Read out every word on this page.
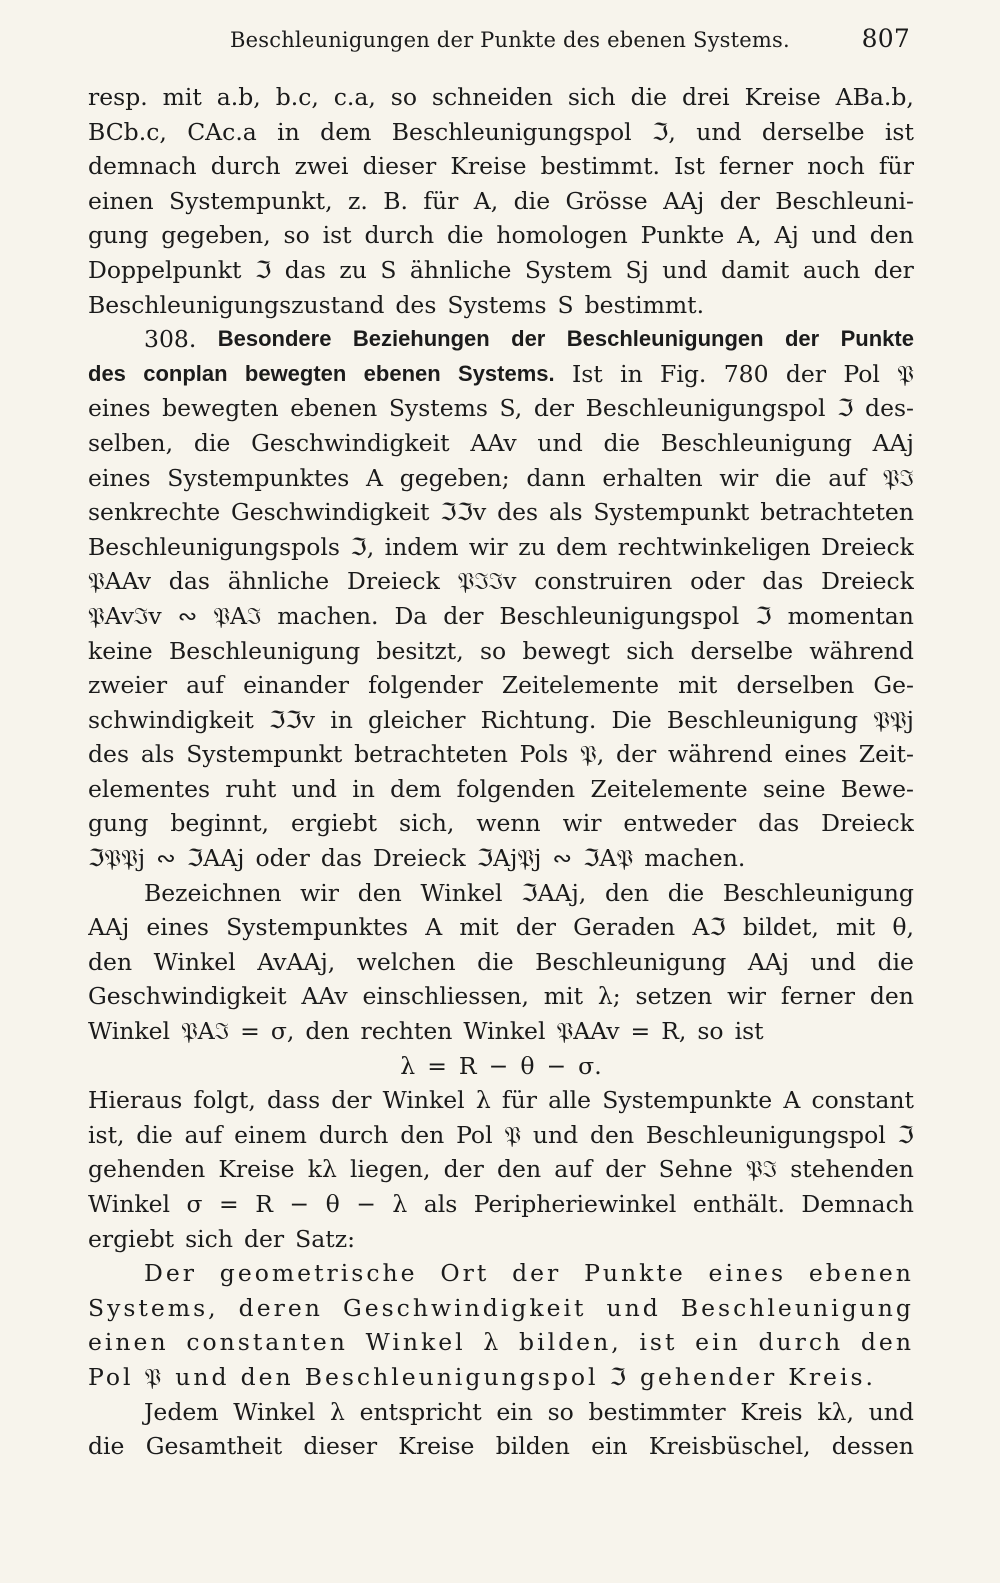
Beschleunigungen der Punkte des ebenen Systems.	807
resp. mit a.b, b.c, c.a, so schneiden sich die drei Kreise ABa.b,
BCb.c, CAc.a in dem Beschleunigungspol ℑ, und derselbe ist
demnach durch zwei dieser Kreise bestimmt. Ist ferner noch für
einen Systempunkt, z. B. für A, die Grösse AAj der Beschleuni-
gung gegeben, so ist durch die homologen Punkte A, Aj und den
Doppelpunkt ℑ das zu S ähnliche System Sj und damit auch der
Beschleunigungszustand des Systems S bestimmt.
308. Besondere Beziehungen der Beschleunigungen der Punkte
des conplan bewegten ebenen Systems. Ist in Fig. 780 der Pol 𝔓
eines bewegten ebenen Systems S, der Beschleunigungspol ℑ des-
selben, die Geschwindigkeit AAv und die Beschleunigung AAj
eines Systempunktes A gegeben; dann erhalten wir die auf 𝔓ℑ
senkrechte Geschwindigkeit ℑℑv des als Systempunkt betrachteten
Beschleunigungspols ℑ, indem wir zu dem rechtwinkeligen Dreieck
𝔓AAv das ähnliche Dreieck 𝔓ℑℑv construiren oder das Dreieck
𝔓Avℑv ∾ 𝔓Aℑ machen. Da der Beschleunigungspol ℑ momentan
keine Beschleunigung besitzt, so bewegt sich derselbe während
zweier auf einander folgender Zeitelemente mit derselben Ge-
schwindigkeit ℑℑv in gleicher Richtung. Die Beschleunigung 𝔓𝔓j
des als Systempunkt betrachteten Pols 𝔓, der während eines Zeit-
elementes ruht und in dem folgenden Zeitelemente seine Bewe-
gung beginnt, ergiebt sich, wenn wir entweder das Dreieck
ℑ𝔓𝔓j ∾ ℑAAj oder das Dreieck ℑAj𝔓j ∾ ℑA𝔓 machen.
Bezeichnen wir den Winkel ℑAAj, den die Beschleunigung
AAj eines Systempunktes A mit der Geraden Aℑ bildet, mit θ,
den Winkel AvAAj, welchen die Beschleunigung AAj und die
Geschwindigkeit AAv einschliessen, mit λ; setzen wir ferner den
Winkel 𝔓Aℑ = σ, den rechten Winkel 𝔓AAv = R, so ist
λ = R − θ − σ.
Hieraus folgt, dass der Winkel λ für alle Systempunkte A constant
ist, die auf einem durch den Pol 𝔓 und den Beschleunigungspol ℑ
gehenden Kreise kλ liegen, der den auf der Sehne 𝔓ℑ stehenden
Winkel σ = R − θ − λ als Peripheriewinkel enthält. Demnach
ergiebt sich der Satz:
Der geometrische Ort der Punkte eines ebenen
Systems, deren Geschwindigkeit und Beschleunigung
einen constanten Winkel λ bilden, ist ein durch den
Pol 𝔓 und den Beschleunigungspol ℑ gehender Kreis.
Jedem Winkel λ entspricht ein so bestimmter Kreis kλ, und
die Gesamtheit dieser Kreise bilden ein Kreisbüschel, dessen
